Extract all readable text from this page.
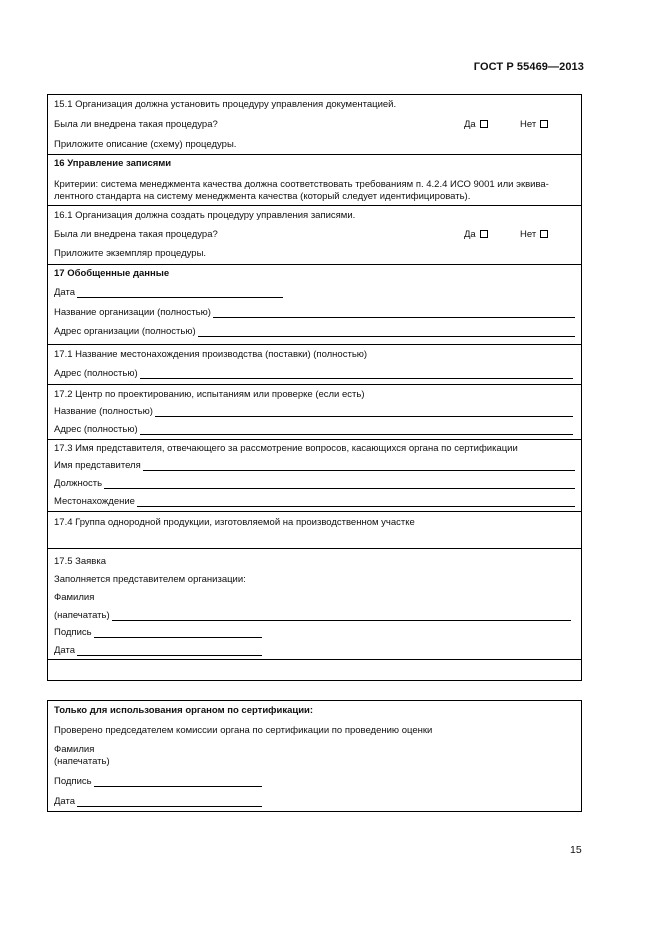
ГОСТ Р 55469—2013
15.1 Организация должна установить процедуру управления документацией.
Была ли внедрена такая процедура?	Да	Нет
Приложите описание (схему) процедуры.
16 Управление записями
Критерии: система менеджмента качества должна соответствовать требованиям п. 4.2.4 ИСО 9001 или эквива-
лентного стандарта на систему менеджмента качества (который следует идентифицировать).
16.1 Организация должна создать процедуру управления записями.
Была ли внедрена такая процедура?	Да	Нет
Приложите экземпляр процедуры.
17 Обобщенные данные
Дата
Название организации (полностью)
Адрес организации (полностью)
17.1 Название местонахождения производства (поставки) (полностью)
Адрес (полностью)
17.2 Центр по проектированию, испытаниям или проверке (если есть)
Название (полностью)
Адрес (полностью)
17.3 Имя представителя, отвечающего за рассмотрение вопросов, касающихся органа по сертификации
Имя представителя
Должность
Местонахождение
17.4 Группа однородной продукции, изготовляемой на производственном участке
17.5 Заявка
Заполняется представителем организации:
Фамилия
(напечатать)
Подпись
Дата
Только для использования органом по сертификации:
Проверено председателем комиссии органа по сертификации по проведению оценки
Фамилия
(напечатать)
Подпись
Дата
15
